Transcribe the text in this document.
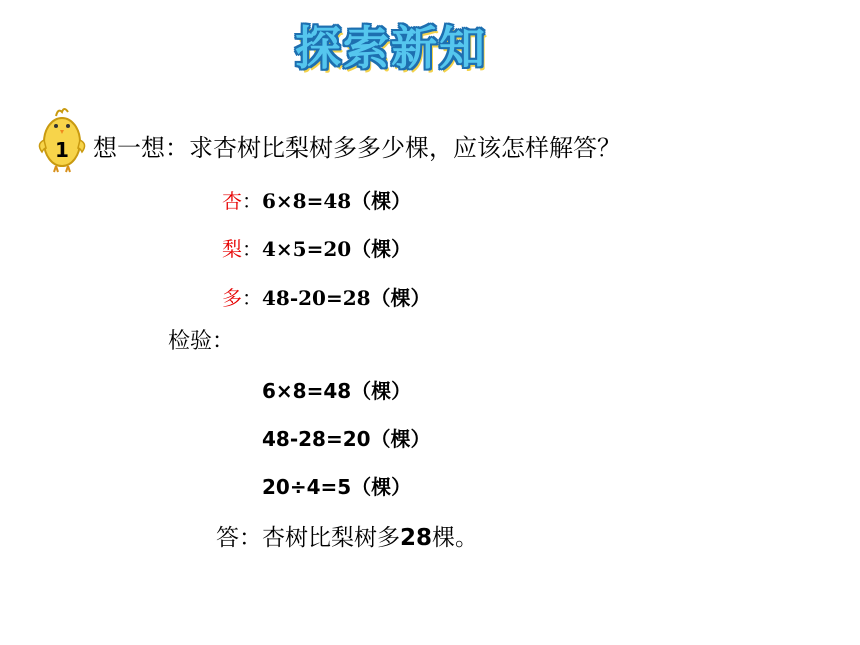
探索新知
1	想一想：求杏树比梨树多多少棵，应该怎样解答？
杏：6×8=48（棵）
梨：4×5=20（棵）
多：48-20=28（棵）
检验：
6×8=48（棵）
48-28=20（棵）
20÷4=5（棵）
答：杏树比梨树多28棵。
